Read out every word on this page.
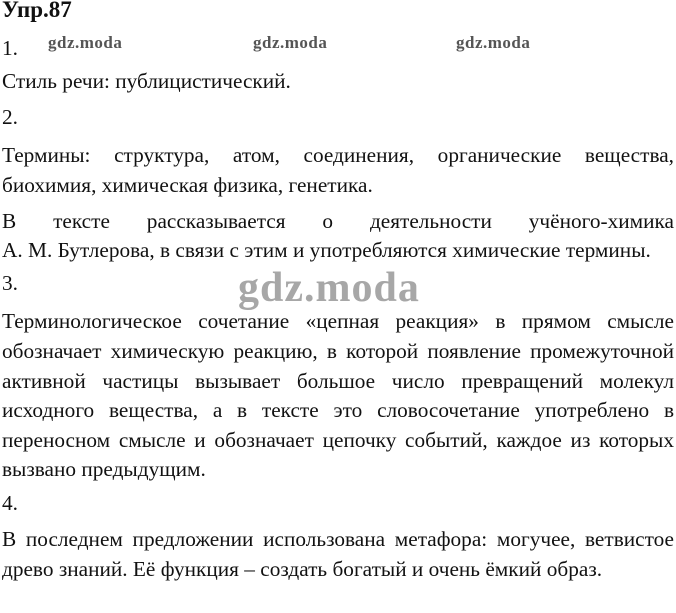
Упр.87
gdz.moda	gdz.moda	gdz.moda
1.
Стиль речи: публицистический.
2.
Термины: структура, атом, соединения, органические вещества,
биохимия, химическая физика, генетика.
В тексте рассказывается о деятельности учёного-химика
А. М. Бутлерова, в связи с этим и употребляются химические термины.
3.
Терминологическое сочетание «цепная реакция» в прямом смысле
обозначает химическую реакцию, в которой появление промежуточной
активной частицы вызывает большое число превращений молекул
исходного вещества, а в тексте это словосочетание употреблено в
переносном смысле и обозначает цепочку событий, каждое из которых
вызвано предыдущим.
4.
В последнем предложении использована метафора: могучее, ветвистое
древо знаний. Её функция – создать богатый и очень ёмкий образ.
gdz.moda
